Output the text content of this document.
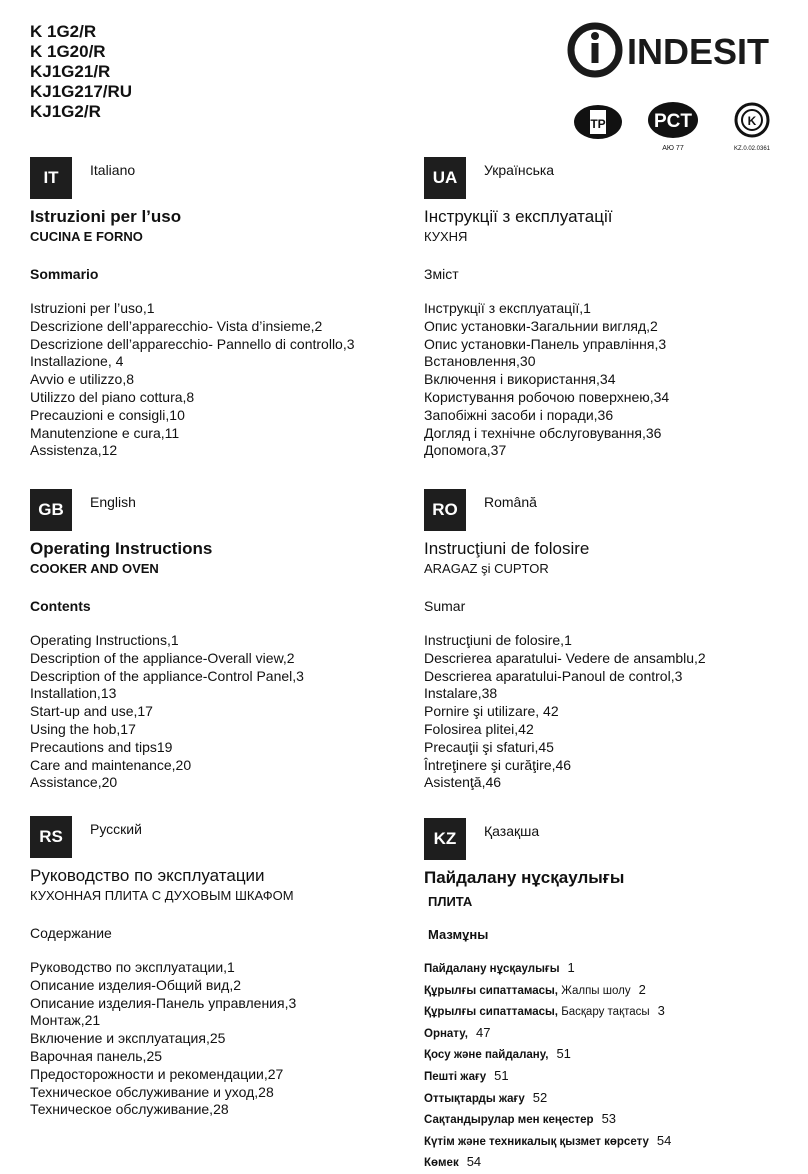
K 1G2/R
K 1G20/R
KJ1G21/R
KJ1G217/RU
KJ1G2/R
INDESIT
TP	PCT
АЮ 77
K
KZ.0.02.0361
IT Italiano
Istruzioni per l’uso
CUCINA E FORNO
Sommario
Istruzioni per l’uso,1
Descrizione dell’apparecchio- Vista d’insieme,2
Descrizione dell’apparecchio- Pannello di controllo,3
Installazione, 4
Avvio e utilizzo,8
Utilizzo del piano cottura,8
Precauzioni e consigli,10
Manutenzione e cura,11
Assistenza,12
UA Українська
Інструкції з експлуатації
КУХНЯ
Зміст
Інструкції з експлуатації,1
Опис установки-Загальнии вигляд,2
Опис установки-Панель управління,3
Встановлення,30
Включення і використання,34
Користування робочою поверхнею,34
Запобіжні засоби і поради,36
Догляд і технічне обслуговування,36
Допомога,37
GB English
Operating Instructions
COOKER AND OVEN
Contents
Operating Instructions,1
Description of the appliance-Overall view,2
Description of the appliance-Control Panel,3
Installation,13
Start-up and use,17
Using the hob,17
Precautions and tips19
Care and maintenance,20
Assistance,20
RO Română
Instrucţiuni de folosire
ARAGAZ şi CUPTOR
Sumar
Instrucţiuni de folosire,1
Descrierea aparatului- Vedere de ansamblu,2
Descrierea aparatului-Panoul de control,3
Instalare,38
Pornire şi utilizare, 42
Folosirea plitei,42
Precauţii şi sfaturi,45
Întreţinere şi curăţire,46
Asistenţă,46
RS Русский
Руководство по эксплуатации
КУХОННАЯ ПЛИТА С ДУХОВЫМ ШКАФОМ
Содержание
Руководство по эксплуатации,1
Описание изделия-Общий вид,2
Описание изделия-Панель управления,3
Монтаж,21
Включение и эксплуатация,25
Варочная панель,25
Предосторожности и рекомендации,27
Техническое обслуживание и уход,28
Техническое обслуживание,28
KZ Қазақша
Пайдалану нұсқаулығы
ПЛИТА
Мазмұны
Пайдалану нұсқаулығы 1
Құрылғы сипаттамасы, Жалпы шолу 2
Құрылғы сипаттамасы, Басқару тақтасы 3
Орнату, 47
Қосу және пайдалану, 51
Пешті жағу 51
Оттықтарды жағу 52
Сақтандырулар мен кеңестер 53
Күтім және техникалық қызмет көрсету 54
Көмек 54
